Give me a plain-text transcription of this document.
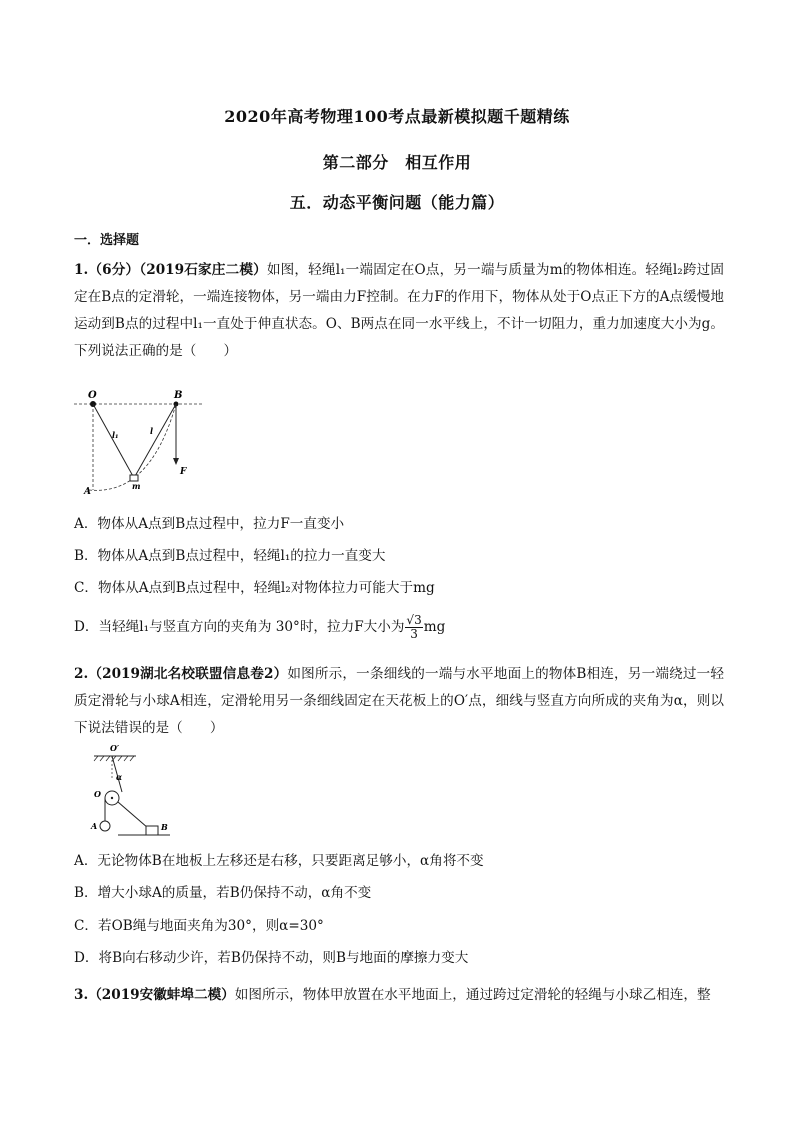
2020年高考物理100考点最新模拟题千题精练
第二部分　相互作用
五．动态平衡问题（能力篇）
一．选择题
1.（6分）（2019石家庄二模）如图，轻绳l₁一端固定在O点，另一端与质量为m的物体相连。轻绳l₂跨过固定在B点的定滑轮，一端连接物体，另一端由力F控制。在力F的作用下，物体从处于O点正下方的A点缓慢地运动到B点的过程中l₁一直处于伸直状态。O、B两点在同一水平线上，不计一切阻力，重力加速度大小为g。下列说法正确的是（　　）
O	B
l₁	l
m
F
A
A．物体从A点到B点过程中，拉力F一直变小
B．物体从A点到B点过程中，轻绳l₁的拉力一直变大
C．物体从A点到B点过程中，轻绳l₂对物体拉力可能大于mg
D．当轻绳l₁与竖直方向的夹角为 30°时，拉力F大小为 $\frac{√3}{3}$ mg
2.（2019湖北名校联盟信息卷2）如图所示，一条细线的一端与水平地面上的物体B相连，另一端绕过一轻质定滑轮与小球A相连，定滑轮用另一条细线固定在天花板上的O′点，细线与竖直方向所成的夹角为α，则以下说法错误的是（　　）
O′
α
O
A	B
A．无论物体B在地板上左移还是右移，只要距离足够小，α角将不变
B．增大小球A的质量，若B仍保持不动，α角不变
C．若OB绳与地面夹角为30°，则α=30°
D．将B向右移动少许，若B仍保持不动，则B与地面的摩擦力变大
3.（2019安徽蚌埠二模）如图所示，物体甲放置在水平地面上，通过跨过定滑轮的轻绳与小球乙相连，整
